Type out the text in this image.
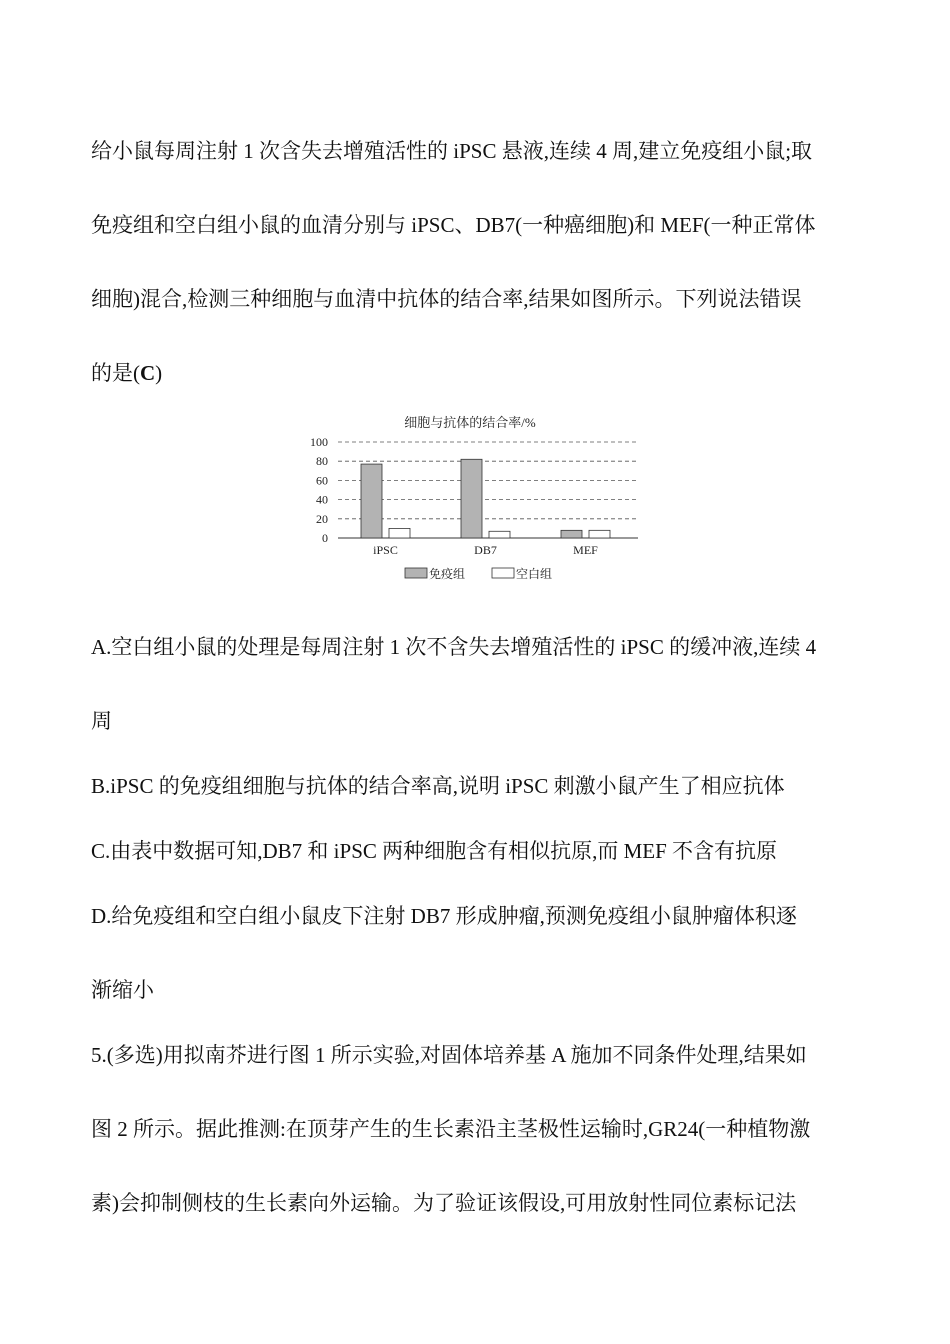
给小鼠每周注射 1 次含失去增殖活性的 iPSC 悬液,连续 4 周,建立免疫组小鼠;取
免疫组和空白组小鼠的血清分别与 iPSC、DB7(一种癌细胞)和 MEF(一种正常体
细胞)混合,检测三种细胞与血清中抗体的结合率,结果如图所示。下列说法错误
的是(C)
细胞与抗体的结合率/%
100
80
60
40
20
0
iPSC	DB7	MEF
免疫组	空白组
A.空白组小鼠的处理是每周注射 1 次不含失去增殖活性的 iPSC 的缓冲液,连续 4
周
B.iPSC 的免疫组细胞与抗体的结合率高,说明 iPSC 刺激小鼠产生了相应抗体
C.由表中数据可知,DB7 和 iPSC 两种细胞含有相似抗原,而 MEF 不含有抗原
D.给免疫组和空白组小鼠皮下注射 DB7 形成肿瘤,预测免疫组小鼠肿瘤体积逐
渐缩小
5.(多选)用拟南芥进行图 1 所示实验,对固体培养基 A 施加不同条件处理,结果如
图 2 所示。据此推测:在顶芽产生的生长素沿主茎极性运输时,GR24(一种植物激
素)会抑制侧枝的生长素向外运输。为了验证该假设,可用放射性同位素标记法
